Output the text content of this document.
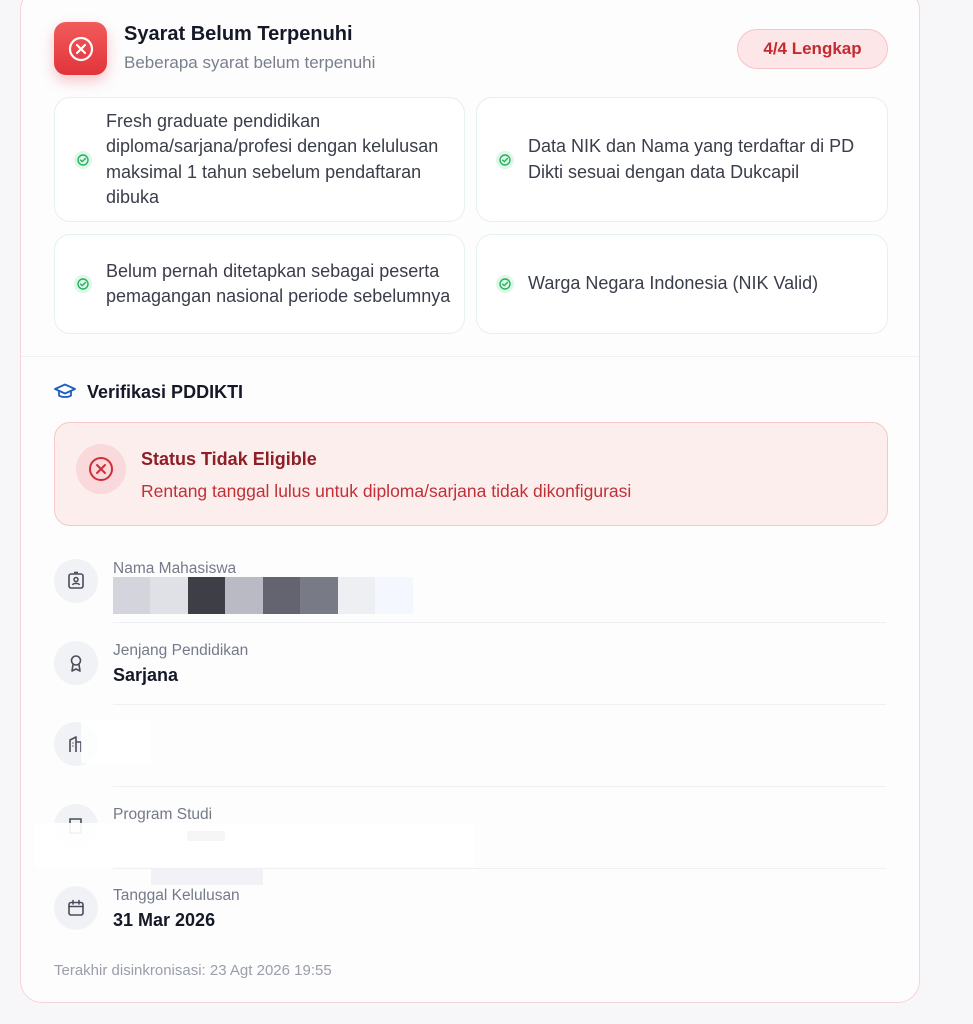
Syarat Belum Terpenuhi
Beberapa syarat belum terpenuhi
4/4 Lengkap
Fresh graduate pendidikan diploma/sarjana/profesi dengan kelulusan maksimal 1 tahun sebelum pendaftaran dibuka
Data NIK dan Nama yang terdaftar di PD Dikti sesuai dengan data Dukcapil
Belum pernah ditetapkan sebagai peserta pemagangan nasional periode sebelumnya
Warga Negara Indonesia (NIK Valid)
Verifikasi PDDIKTI
Status Tidak Eligible
Rentang tanggal lulus untuk diploma/sarjana tidak dikonfigurasi
Nama Mahasiswa
Jenjang Pendidikan
Sarjana
Program Studi
Tanggal Kelulusan
31 Mar 2026
Terakhir disinkronisasi: 23 Agt 2026 19:55
